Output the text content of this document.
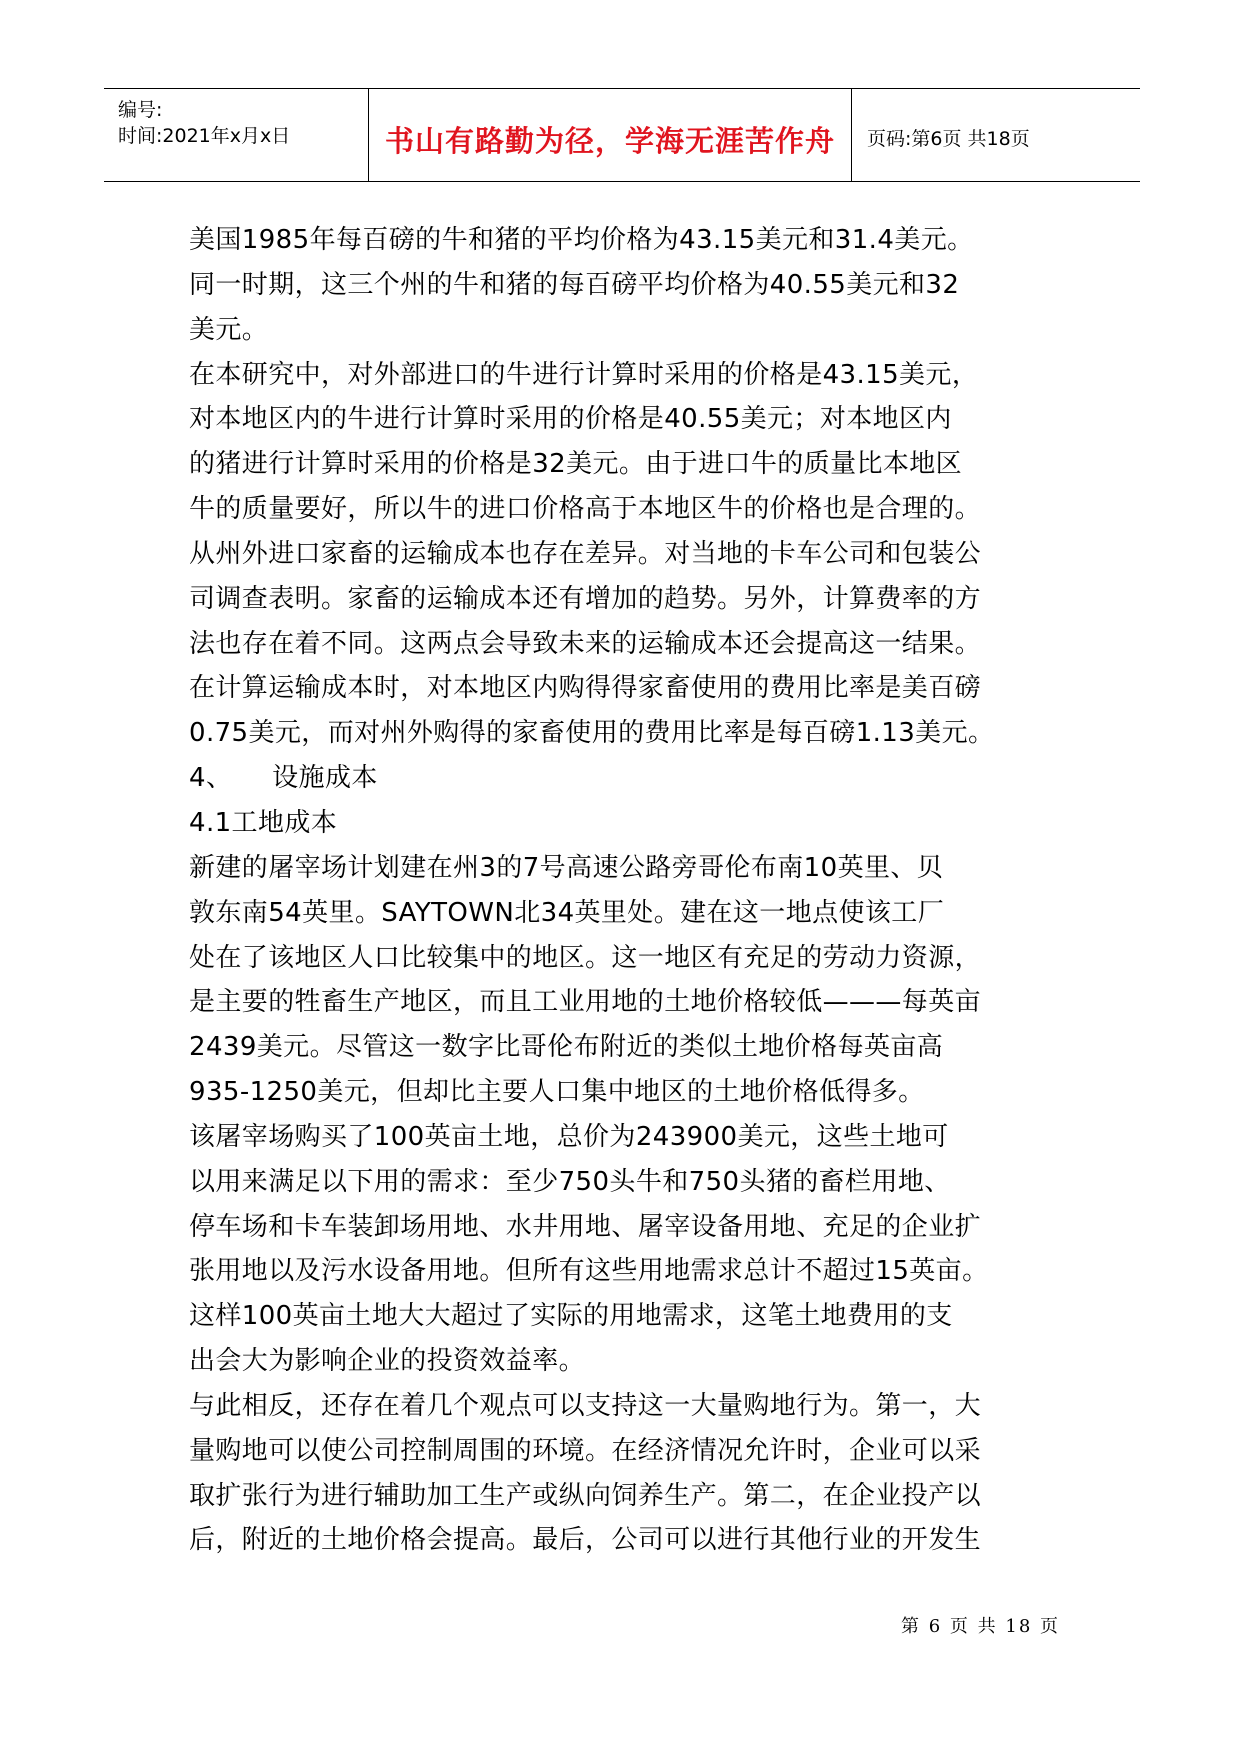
编号:
时间:2021年x月x日	书山有路勤为径，学海无涯苦作舟	页码:第6页 共18页
美国1985年每百磅的牛和猪的平均价格为43.15美元和31.4美元。
同一时期，这三个州的牛和猪的每百磅平均价格为40.55美元和32
美元。
在本研究中，对外部进口的牛进行计算时采用的价格是43.15美元，
对本地区内的牛进行计算时采用的价格是40.55美元；对本地区内
的猪进行计算时采用的价格是32美元。由于进口牛的质量比本地区
牛的质量要好，所以牛的进口价格高于本地区牛的价格也是合理的。
从州外进口家畜的运输成本也存在差异。对当地的卡车公司和包装公
司调查表明。家畜的运输成本还有增加的趋势。另外，计算费率的方
法也存在着不同。这两点会导致未来的运输成本还会提高这一结果。
在计算运输成本时，对本地区内购得得家畜使用的费用比率是美百磅
0.75美元，而对州外购得的家畜使用的费用比率是每百磅1.13美元。
4、　　设施成本
4.1工地成本
新建的屠宰场计划建在州3的7号高速公路旁哥伦布南10英里、贝
敦东南54英里。SAYTOWN北34英里处。建在这一地点使该工厂
处在了该地区人口比较集中的地区。这一地区有充足的劳动力资源，
是主要的牲畜生产地区，而且工业用地的土地价格较低———每英亩
2439美元。尽管这一数字比哥伦布附近的类似土地价格每英亩高
935-1250美元，但却比主要人口集中地区的土地价格低得多。
该屠宰场购买了100英亩土地，总价为243900美元，这些土地可
以用来满足以下用的需求：至少750头牛和750头猪的畜栏用地、
停车场和卡车装卸场用地、水井用地、屠宰设备用地、充足的企业扩
张用地以及污水设备用地。但所有这些用地需求总计不超过15英亩。
这样100英亩土地大大超过了实际的用地需求，这笔土地费用的支
出会大为影响企业的投资效益率。
与此相反，还存在着几个观点可以支持这一大量购地行为。第一，大
量购地可以使公司控制周围的环境。在经济情况允许时，企业可以采
取扩张行为进行辅助加工生产或纵向饲养生产。第二，在企业投产以
后，附近的土地价格会提高。最后，公司可以进行其他行业的开发生
第 6 页 共 18 页
